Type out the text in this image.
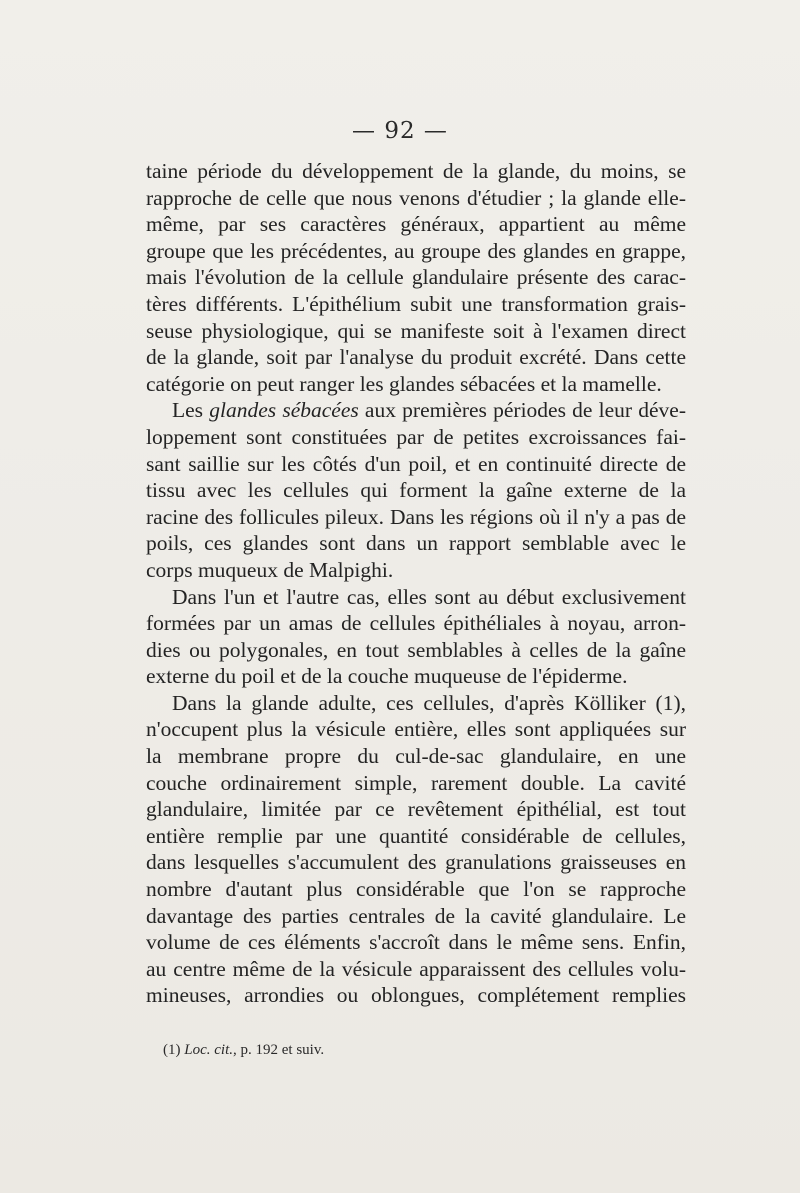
— 92 —
taine période du développement de la glande, du moins, se
rapproche de celle que nous venons d'étudier ; la glande elle-
même, par ses caractères généraux, appartient au même
groupe que les précédentes, au groupe des glandes en grappe,
mais l'évolution de la cellule glandulaire présente des carac-
tères différents. L'épithélium subit une transformation grais-
seuse physiologique, qui se manifeste soit à l'examen direct
de la glande, soit par l'analyse du produit excrété. Dans cette
catégorie on peut ranger les glandes sébacées et la mamelle.
Les glandes sébacées aux premières périodes de leur déve-
loppement sont constituées par de petites excroissances fai-
sant saillie sur les côtés d'un poil, et en continuité directe de
tissu avec les cellules qui forment la gaîne externe de la
racine des follicules pileux. Dans les régions où il n'y a pas de
poils, ces glandes sont dans un rapport semblable avec le
corps muqueux de Malpighi.
Dans l'un et l'autre cas, elles sont au début exclusivement
formées par un amas de cellules épithéliales à noyau, arron-
dies ou polygonales, en tout semblables à celles de la gaîne
externe du poil et de la couche muqueuse de l'épiderme.
Dans la glande adulte, ces cellules, d'après Kölliker (1),
n'occupent plus la vésicule entière, elles sont appliquées sur
la membrane propre du cul-de-sac glandulaire, en une
couche ordinairement simple, rarement double. La cavité
glandulaire, limitée par ce revêtement épithélial, est tout
entière remplie par une quantité considérable de cellules,
dans lesquelles s'accumulent des granulations graisseuses en
nombre d'autant plus considérable que l'on se rapproche
davantage des parties centrales de la cavité glandulaire. Le
volume de ces éléments s'accroît dans le même sens. Enfin,
au centre même de la vésicule apparaissent des cellules volu-
mineuses, arrondies ou oblongues, complétement remplies
(1) Loc. cit., p. 192 et suiv.
